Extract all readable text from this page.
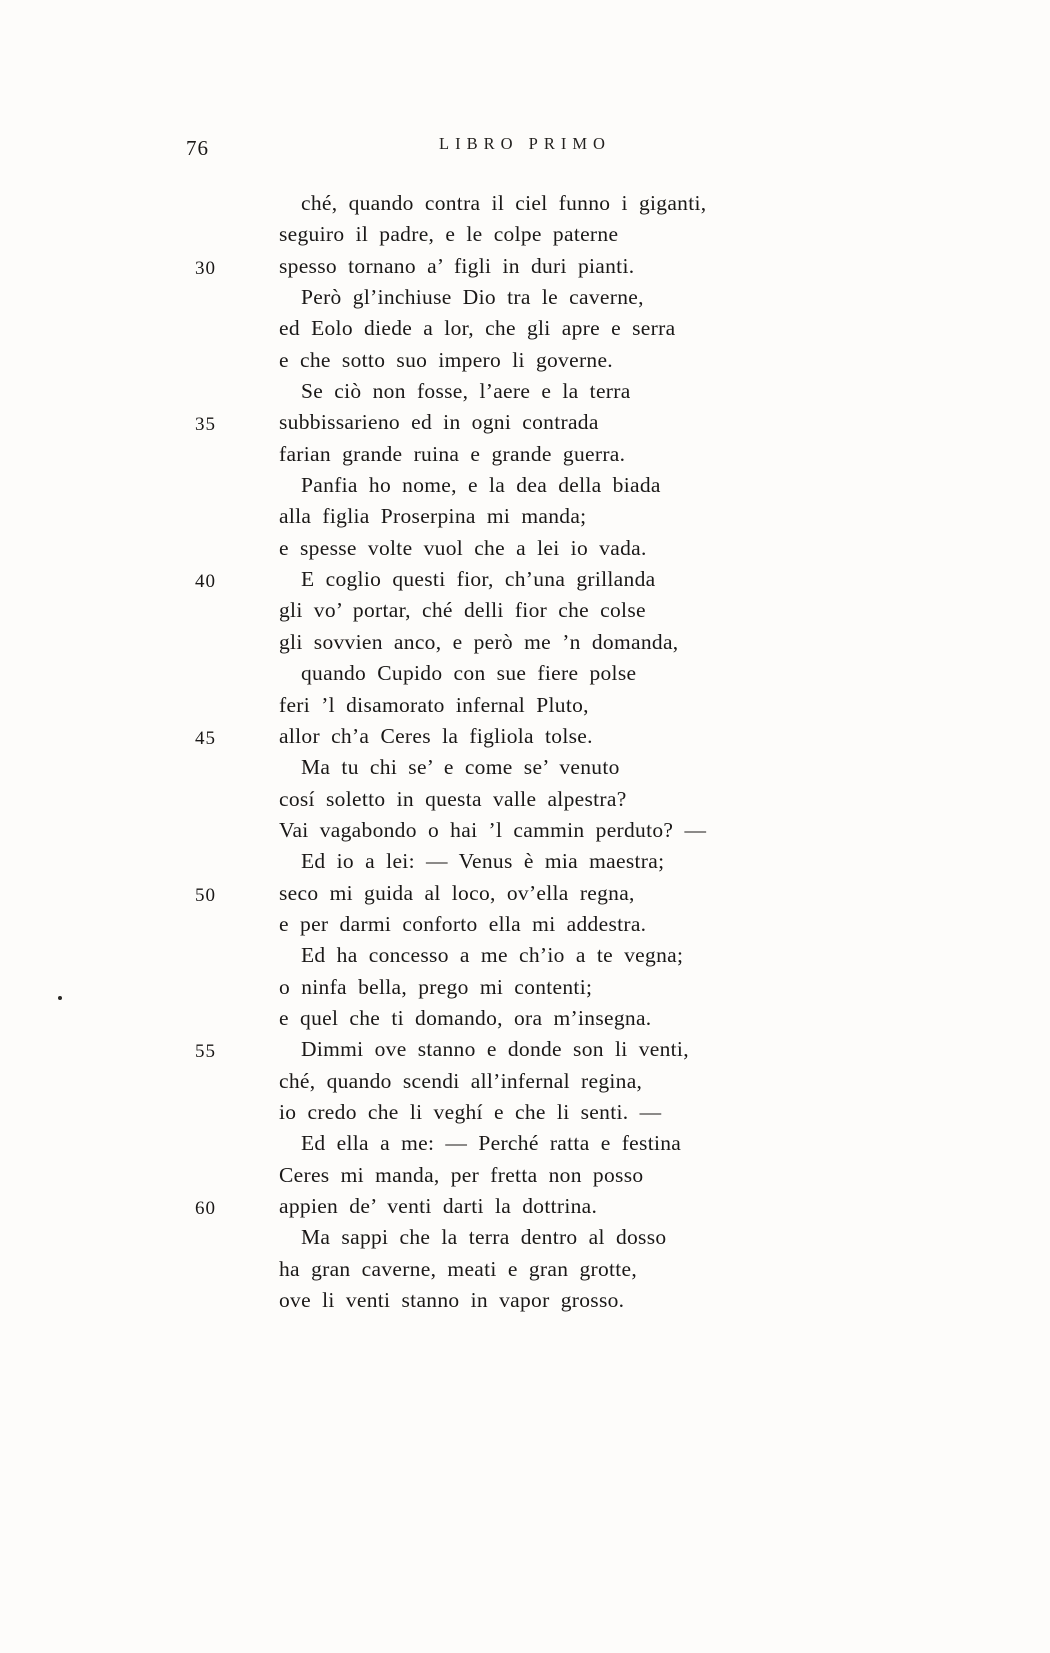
76	LIBRO PRIMO
ché, quando contra il ciel funno i giganti,
seguiro il padre, e le colpe paterne
30	spesso tornano a’ figli in duri pianti.
Però gl’inchiuse Dio tra le caverne,
ed Eolo diede a lor, che gli apre e serra
e che sotto suo impero li governe.
Se ciò non fosse, l’aere e la terra
35	subbissarieno ed in ogni contrada
farian grande ruina e grande guerra.
Panfia ho nome, e la dea della biada
alla figlia Proserpina mi manda;
e spesse volte vuol che a lei io vada.
40	E coglio questi fior, ch’una grillanda
gli vo’ portar, ché delli fior che colse
gli sovvien anco, e però me ’n domanda,
quando Cupido con sue fiere polse
feri ’l disamorato infernal Pluto,
45	allor ch’a Ceres la figliola tolse.
Ma tu chi se’ e come se’ venuto
cosí soletto in questa valle alpestra?
Vai vagabondo o hai ’l cammin perduto? —
Ed io a lei: — Venus è mia maestra;
50	seco mi guida al loco, ov’ella regna,
e per darmi conforto ella mi addestra.
Ed ha concesso a me ch’io a te vegna;
o ninfa bella, prego mi contenti;
e quel che ti domando, ora m’insegna.
55	Dimmi ove stanno e donde son li venti,
ché, quando scendi all’infernal regina,
io credo che li veghí e che li senti. —
Ed ella a me: — Perché ratta e festina
Ceres mi manda, per fretta non posso
60	appien de’ venti darti la dottrina.
Ma sappi che la terra dentro al dosso
ha gran caverne, meati e gran grotte,
ove li venti stanno in vapor grosso.
